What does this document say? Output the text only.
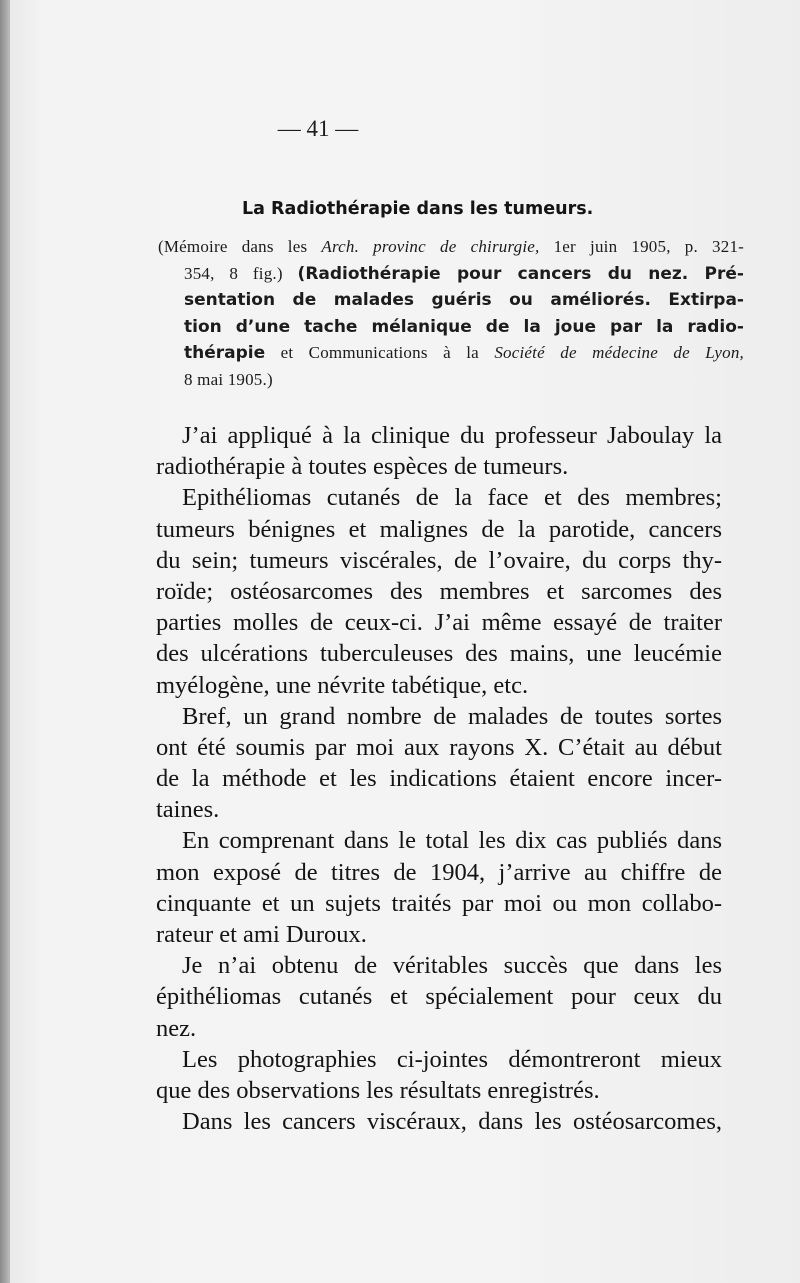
— 41 —
La Radiothérapie dans les tumeurs.
(Mémoire dans les Arch. provinc de chirurgie, 1er juin 1905, p. 321-
354, 8 fig.) (Radiothérapie pour cancers du nez. Pré-
sentation de malades guéris ou améliorés. Extirpa-
tion d’une tache mélanique de la joue par la radio-
thérapie et Communications à la Société de médecine de Lyon,
8 mai 1905.)
J’ai appliqué à la clinique du professeur Jaboulay la
radiothérapie à toutes espèces de tumeurs.
Epithéliomas cutanés de la face et des membres;
tumeurs bénignes et malignes de la parotide, cancers
du sein; tumeurs viscérales, de l’ovaire, du corps thy-
roïde; ostéosarcomes des membres et sarcomes des
parties molles de ceux-ci. J’ai même essayé de traiter
des ulcérations tuberculeuses des mains, une leucémie
myélogène, une névrite tabétique, etc.
Bref, un grand nombre de malades de toutes sortes
ont été soumis par moi aux rayons X. C’était au début
de la méthode et les indications étaient encore incer-
taines.
En comprenant dans le total les dix cas publiés dans
mon exposé de titres de 1904, j’arrive au chiffre de
cinquante et un sujets traités par moi ou mon collabo-
rateur et ami Duroux.
Je n’ai obtenu de véritables succès que dans les
épithéliomas cutanés et spécialement pour ceux du
nez.
Les photographies ci-jointes démontreront mieux
que des observations les résultats enregistrés.
Dans les cancers viscéraux, dans les ostéosarcomes,
